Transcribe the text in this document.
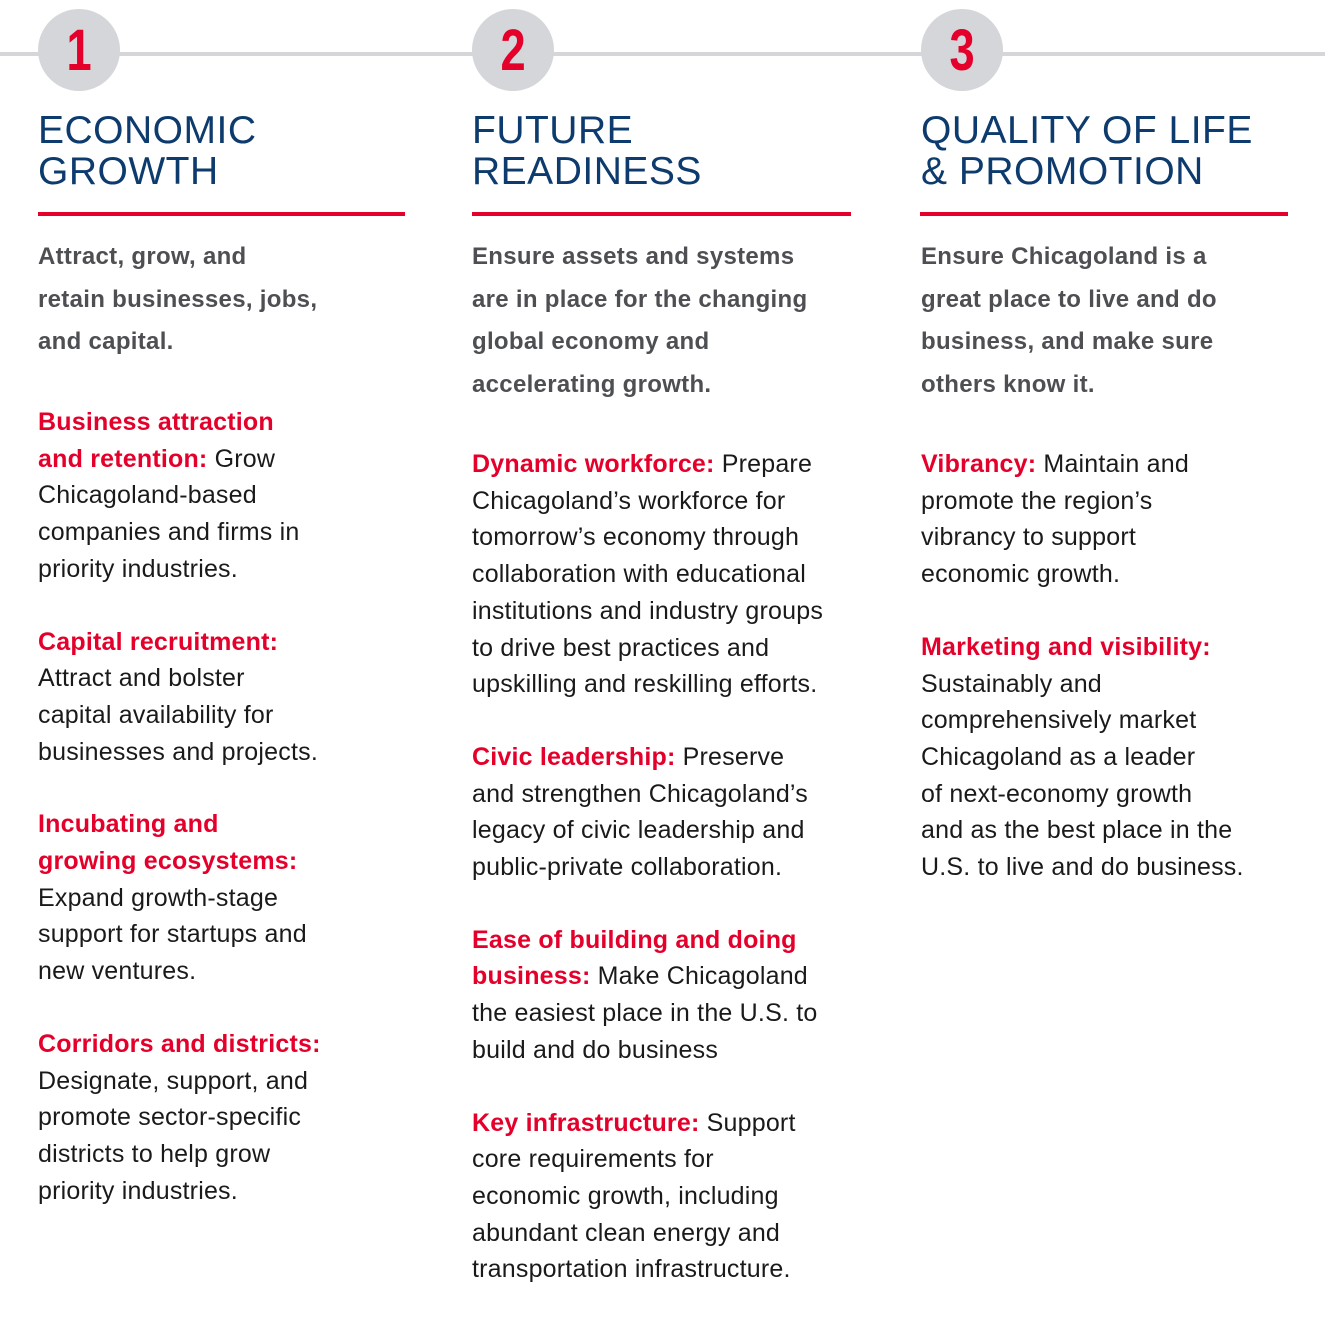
1
ECONOMIC
GROWTH

Attract, grow, and
retain businesses, jobs,
and capital.

Business attraction
and retention: Grow
Chicagoland-based
companies and firms in
priority industries.
Capital recruitment:
Attract and bolster
capital availability for
businesses and projects.
Incubating and
growing ecosystems:
Expand growth-stage
support for startups and
new ventures.
Corridors and districts:
Designate, support, and
promote sector-specific
districts to help grow
priority industries.
2
FUTURE
READINESS

Ensure assets and systems
are in place for the changing
global economy and
accelerating growth.

Dynamic workforce: Prepare
Chicagoland’s workforce for
tomorrow’s economy through
collaboration with educational
institutions and industry groups
to drive best practices and
upskilling and reskilling efforts.
Civic leadership: Preserve
and strengthen Chicagoland’s
legacy of civic leadership and
public-private collaboration.
Ease of building and doing
business: Make Chicagoland
the easiest place in the U.S. to
build and do business
Key infrastructure: Support
core requirements for
economic growth, including
abundant clean energy and
transportation infrastructure.
3
QUALITY OF LIFE
& PROMOTION

Ensure Chicagoland is a
great place to live and do
business, and make sure
others know it.

Vibrancy: Maintain and
promote the region’s
vibrancy to support
economic growth.
Marketing and visibility:
Sustainably and
comprehensively market
Chicagoland as a leader
of next-economy growth
and as the best place in the
U.S. to live and do business.
